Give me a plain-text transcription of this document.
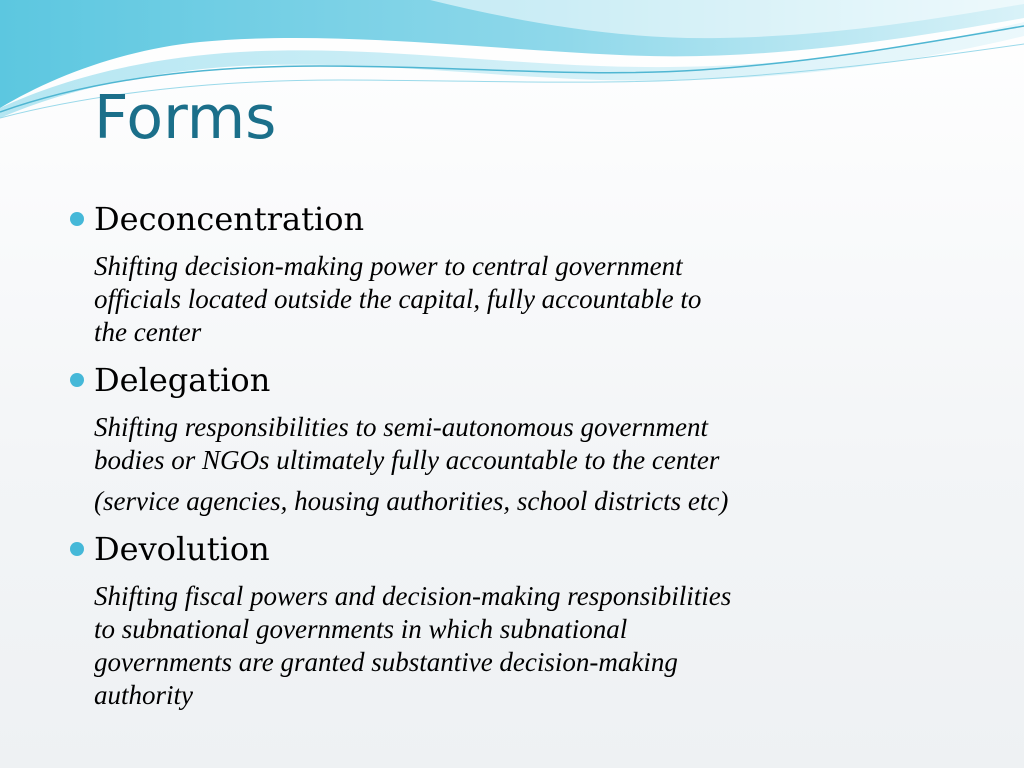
Forms
Deconcentration

Shifting decision-making power to central government

officials located outside the capital, fully accountable to

the center

Delegation

Shifting responsibilities to semi-autonomous government

bodies or NGOs ultimately fully accountable to the center

(service agencies, housing authorities, school districts etc)

Devolution

Shifting fiscal powers and decision-making responsibilities

to subnational governments in which subnational

governments are granted substantive decision-making

authority
